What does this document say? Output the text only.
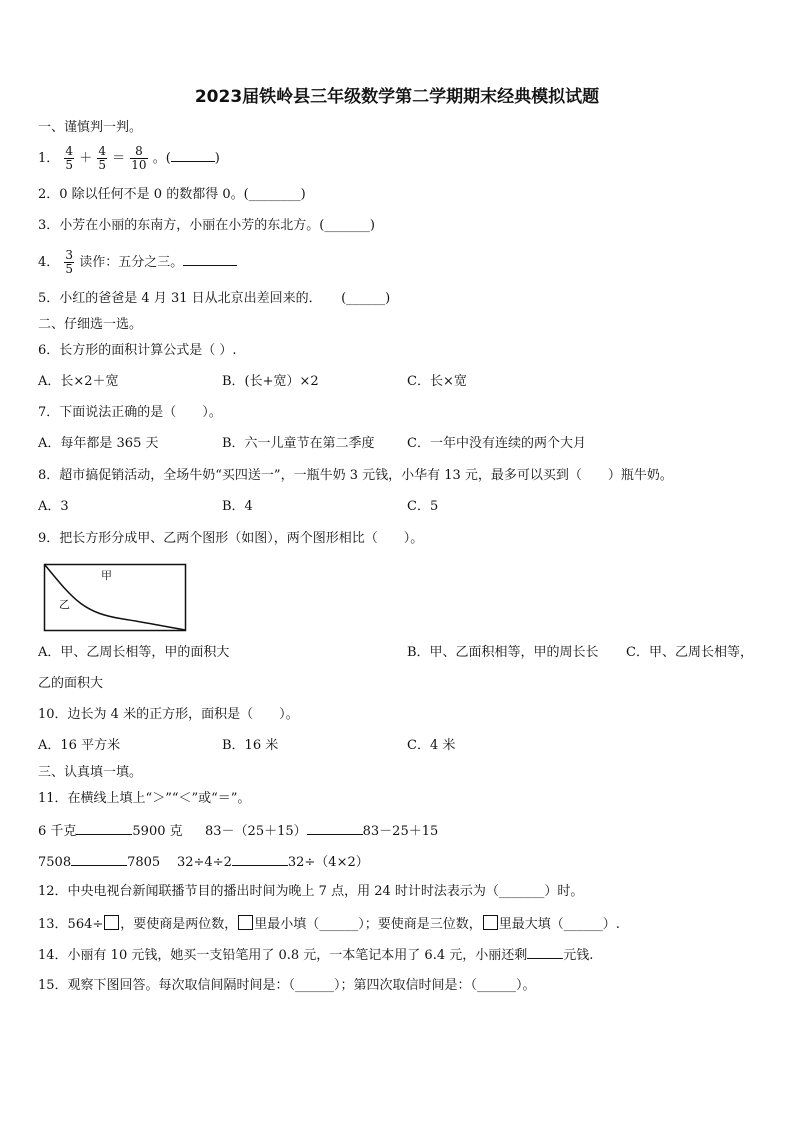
2023届铁岭县三年级数学第二学期期末经典模拟试题
一、谨慎判一判。
1． $\frac{4}{5} + \frac{4}{5} = \frac{8}{10}$ 。(	)
2．0 除以任何不是 0 的数都得 0。(________)
3．小芳在小丽的东南方，小丽在小芳的东北方。(_______)
4． $\frac{3}{5}$ 读作：五分之三。
5．小红的爸爸是 4 月 31 日从北京出差回来的．　　(______)
二、仔细选一选。
6．长方形的面积计算公式是（ ）.
A．长×2＋宽	B．(长+宽）×2	C．长×宽
7．下面说法正确的是（　　）。
A．每年都是 365 天	B．六一儿童节在第二季度 C．一年中没有连续的两个大月
8．超市搞促销活动，全场牛奶“买四送一”，一瓶牛奶 3 元钱，小华有 13 元，最多可以买到（　　）瓶牛奶。
A．3	B．4	C．5
9．把长方形分成甲、乙两个图形（如图），两个图形相比（　　）。
甲
乙
A．甲、乙周长相等，甲的面积大	B．甲、乙面积相等，甲的周长长 C．甲、乙周长相等，
乙的面积大
10．边长为 4 米的正方形，面积是（　　）。
A．16 平方米	B．16 米	C．4 米
三、认真填一填。
11．在横线上填上“＞”“＜”或“＝”。
6 千克	5900 克 83－（25＋15）	83－25＋15
7508	7805 32÷4÷2	32÷（4×2）
12．中央电视台新闻联播节目的播出时间为晚上 7 点，用 24 时计时法表示为（_______）时。
13．564÷ ，要使商是两位数， 里最小填（______）；要使商是三位数， 里最大填（______）.
14．小丽有 10 元钱，她买一支铅笔用了 0.8 元，一本笔记本用了 6.4 元，小丽还剩	元钱.
15．观察下图回答。每次取信间隔时间是：（______）；第四次取信时间是：（______）。
